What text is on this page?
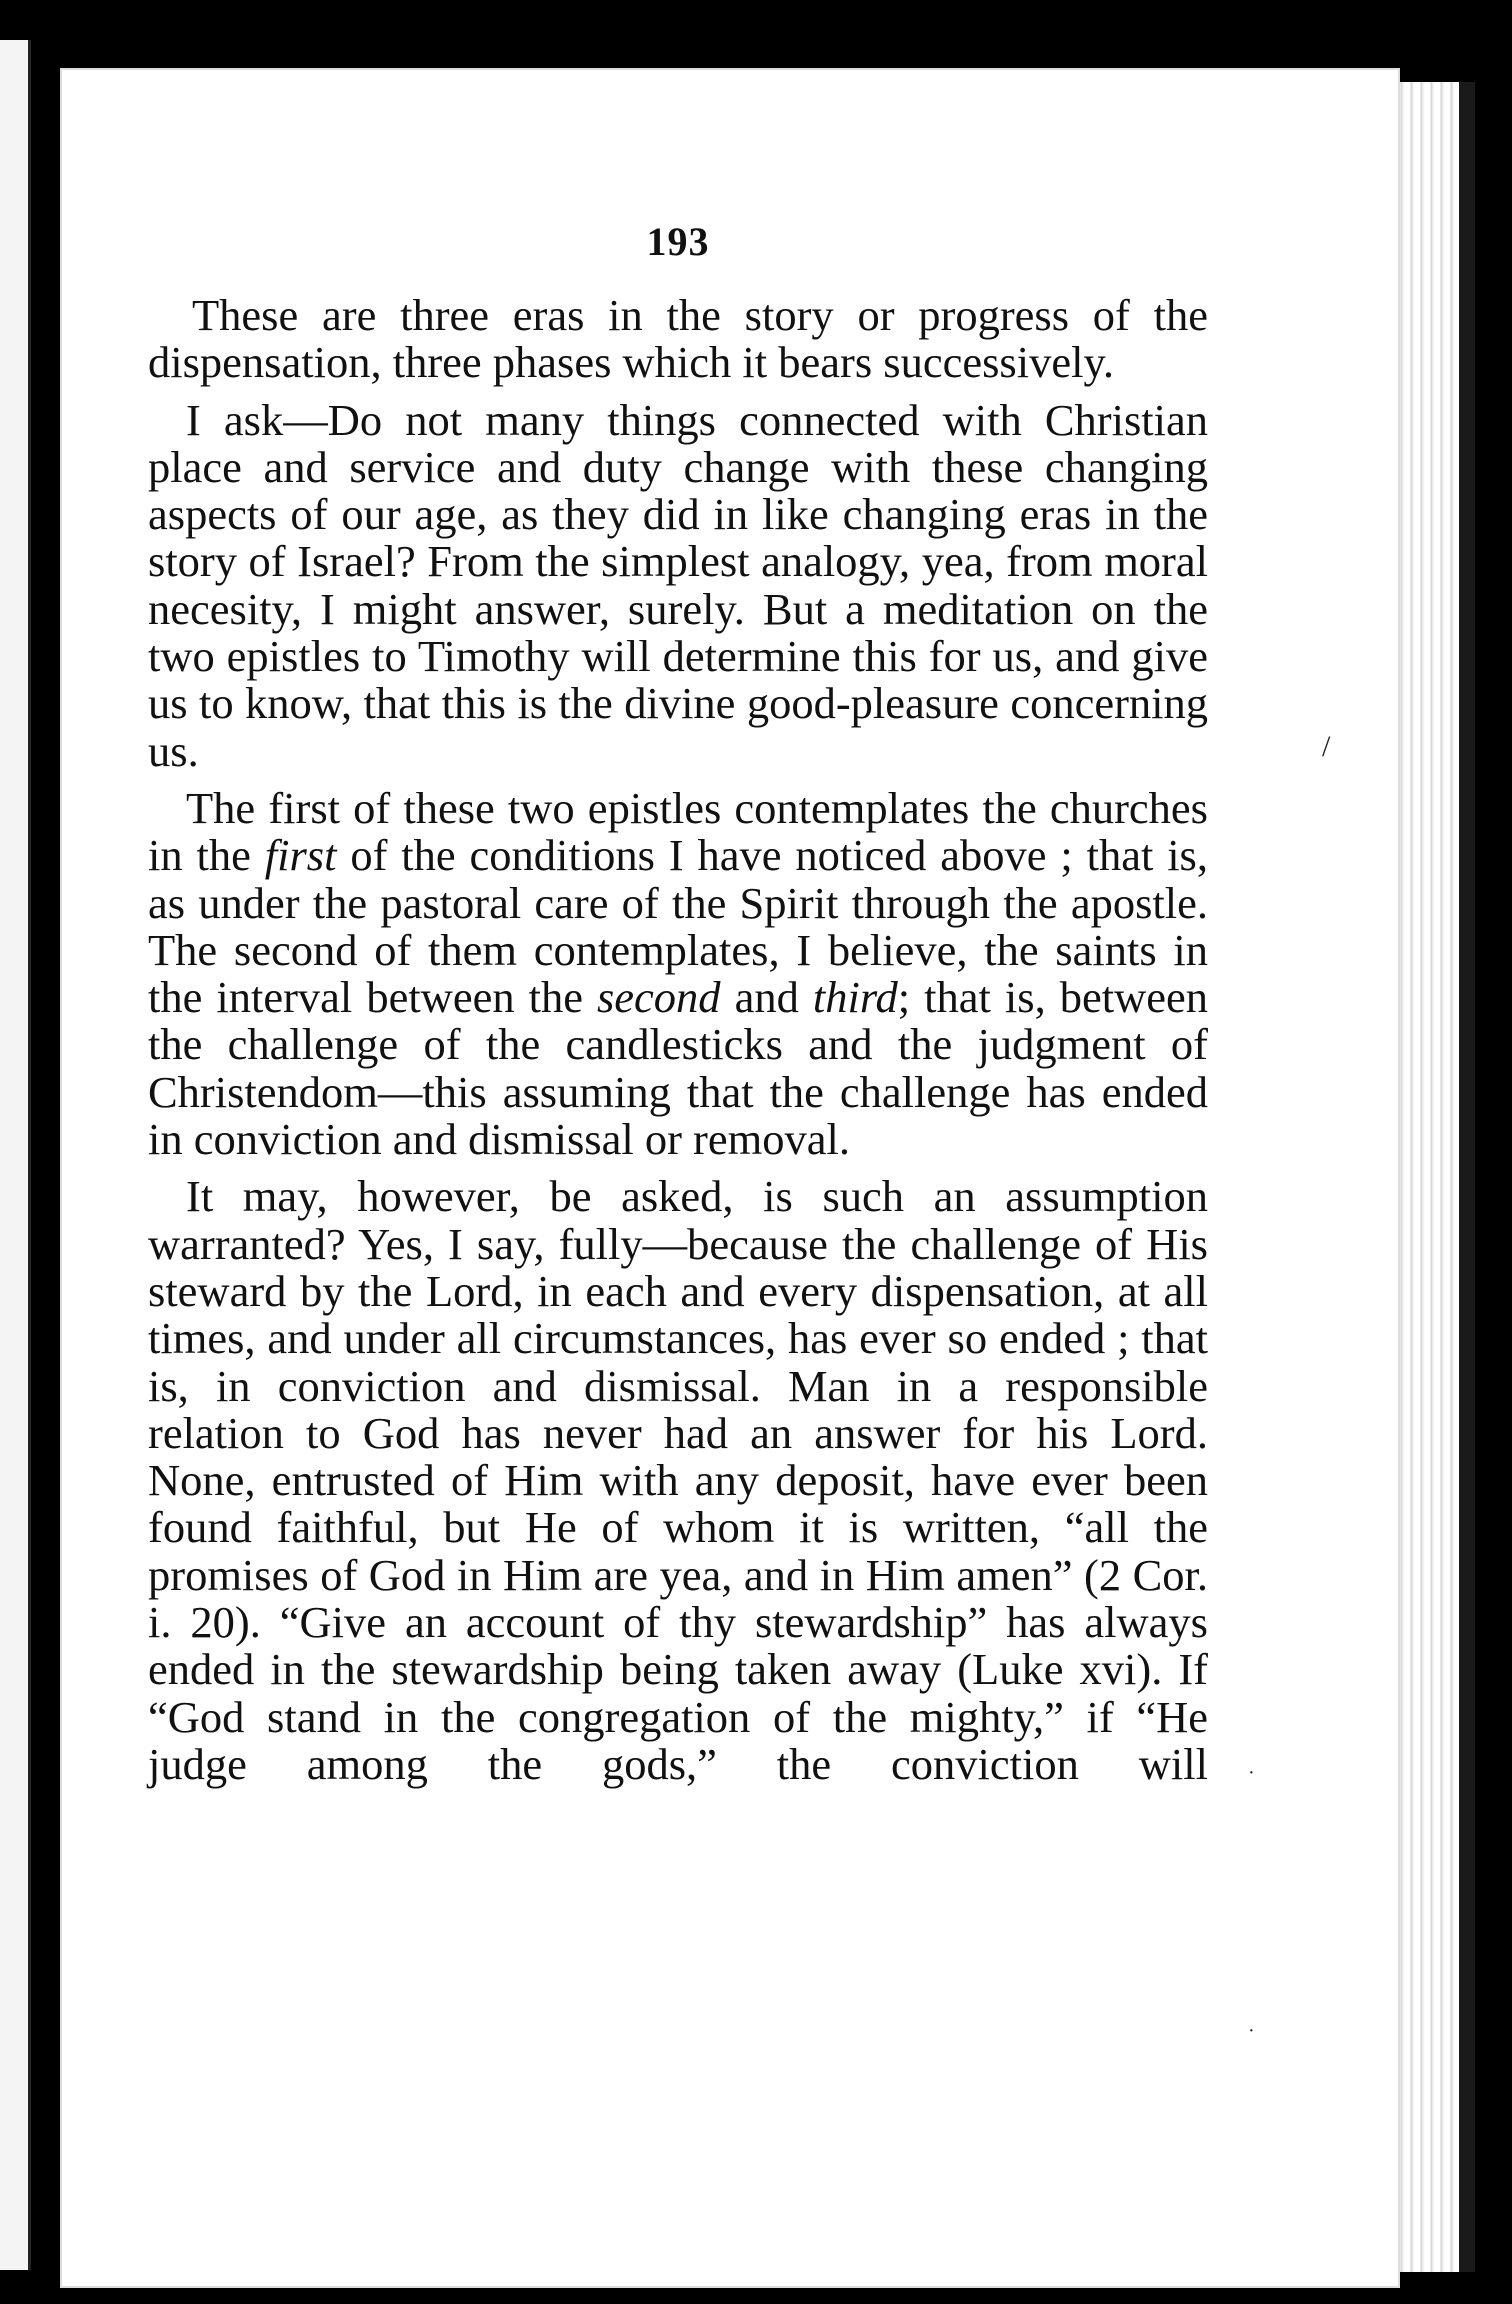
/
·
·
193

These are three eras in the story or progress of the dispensation, three phases which it bears successively.

I ask—Do not many things connected with Christian place and service and duty change with these changing aspects of our age, as they did in like changing eras in the story of Israel? From the simplest analogy, yea, from moral necesity, I might answer, surely. But a meditation on the two epistles to Timothy will determine this for us, and give us to know, that this is the divine good-pleasure concerning us.

The first of these two epistles contemplates the churches in the first of the conditions I have noticed above ; that is, as under the pastoral care of the Spirit through the apostle. The second of them contemplates, I believe, the saints in the interval between the second and third; that is, between the challenge of the candlesticks and the judgment of Christendom—this assuming that the challenge has ended in conviction and dismissal or removal.

It may, however, be asked, is such an assumption warranted? Yes, I say, fully—because the challenge of His steward by the Lord, in each and every dispensation, at all times, and under all circumstances, has ever so ended ; that is, in conviction and dismissal. Man in a responsible relation to God has never had an answer for his Lord. None, entrusted of Him with any deposit, have ever been found faithful, but He of whom it is written, “all the promises of God in Him are yea, and in Him amen” (2 Cor. i. 20). “Give an account of thy stewardship” has always ended in the stewardship being taken away (Luke xvi). If “God stand in the congregation of the mighty,” if “He judge among the gods,” the conviction will
